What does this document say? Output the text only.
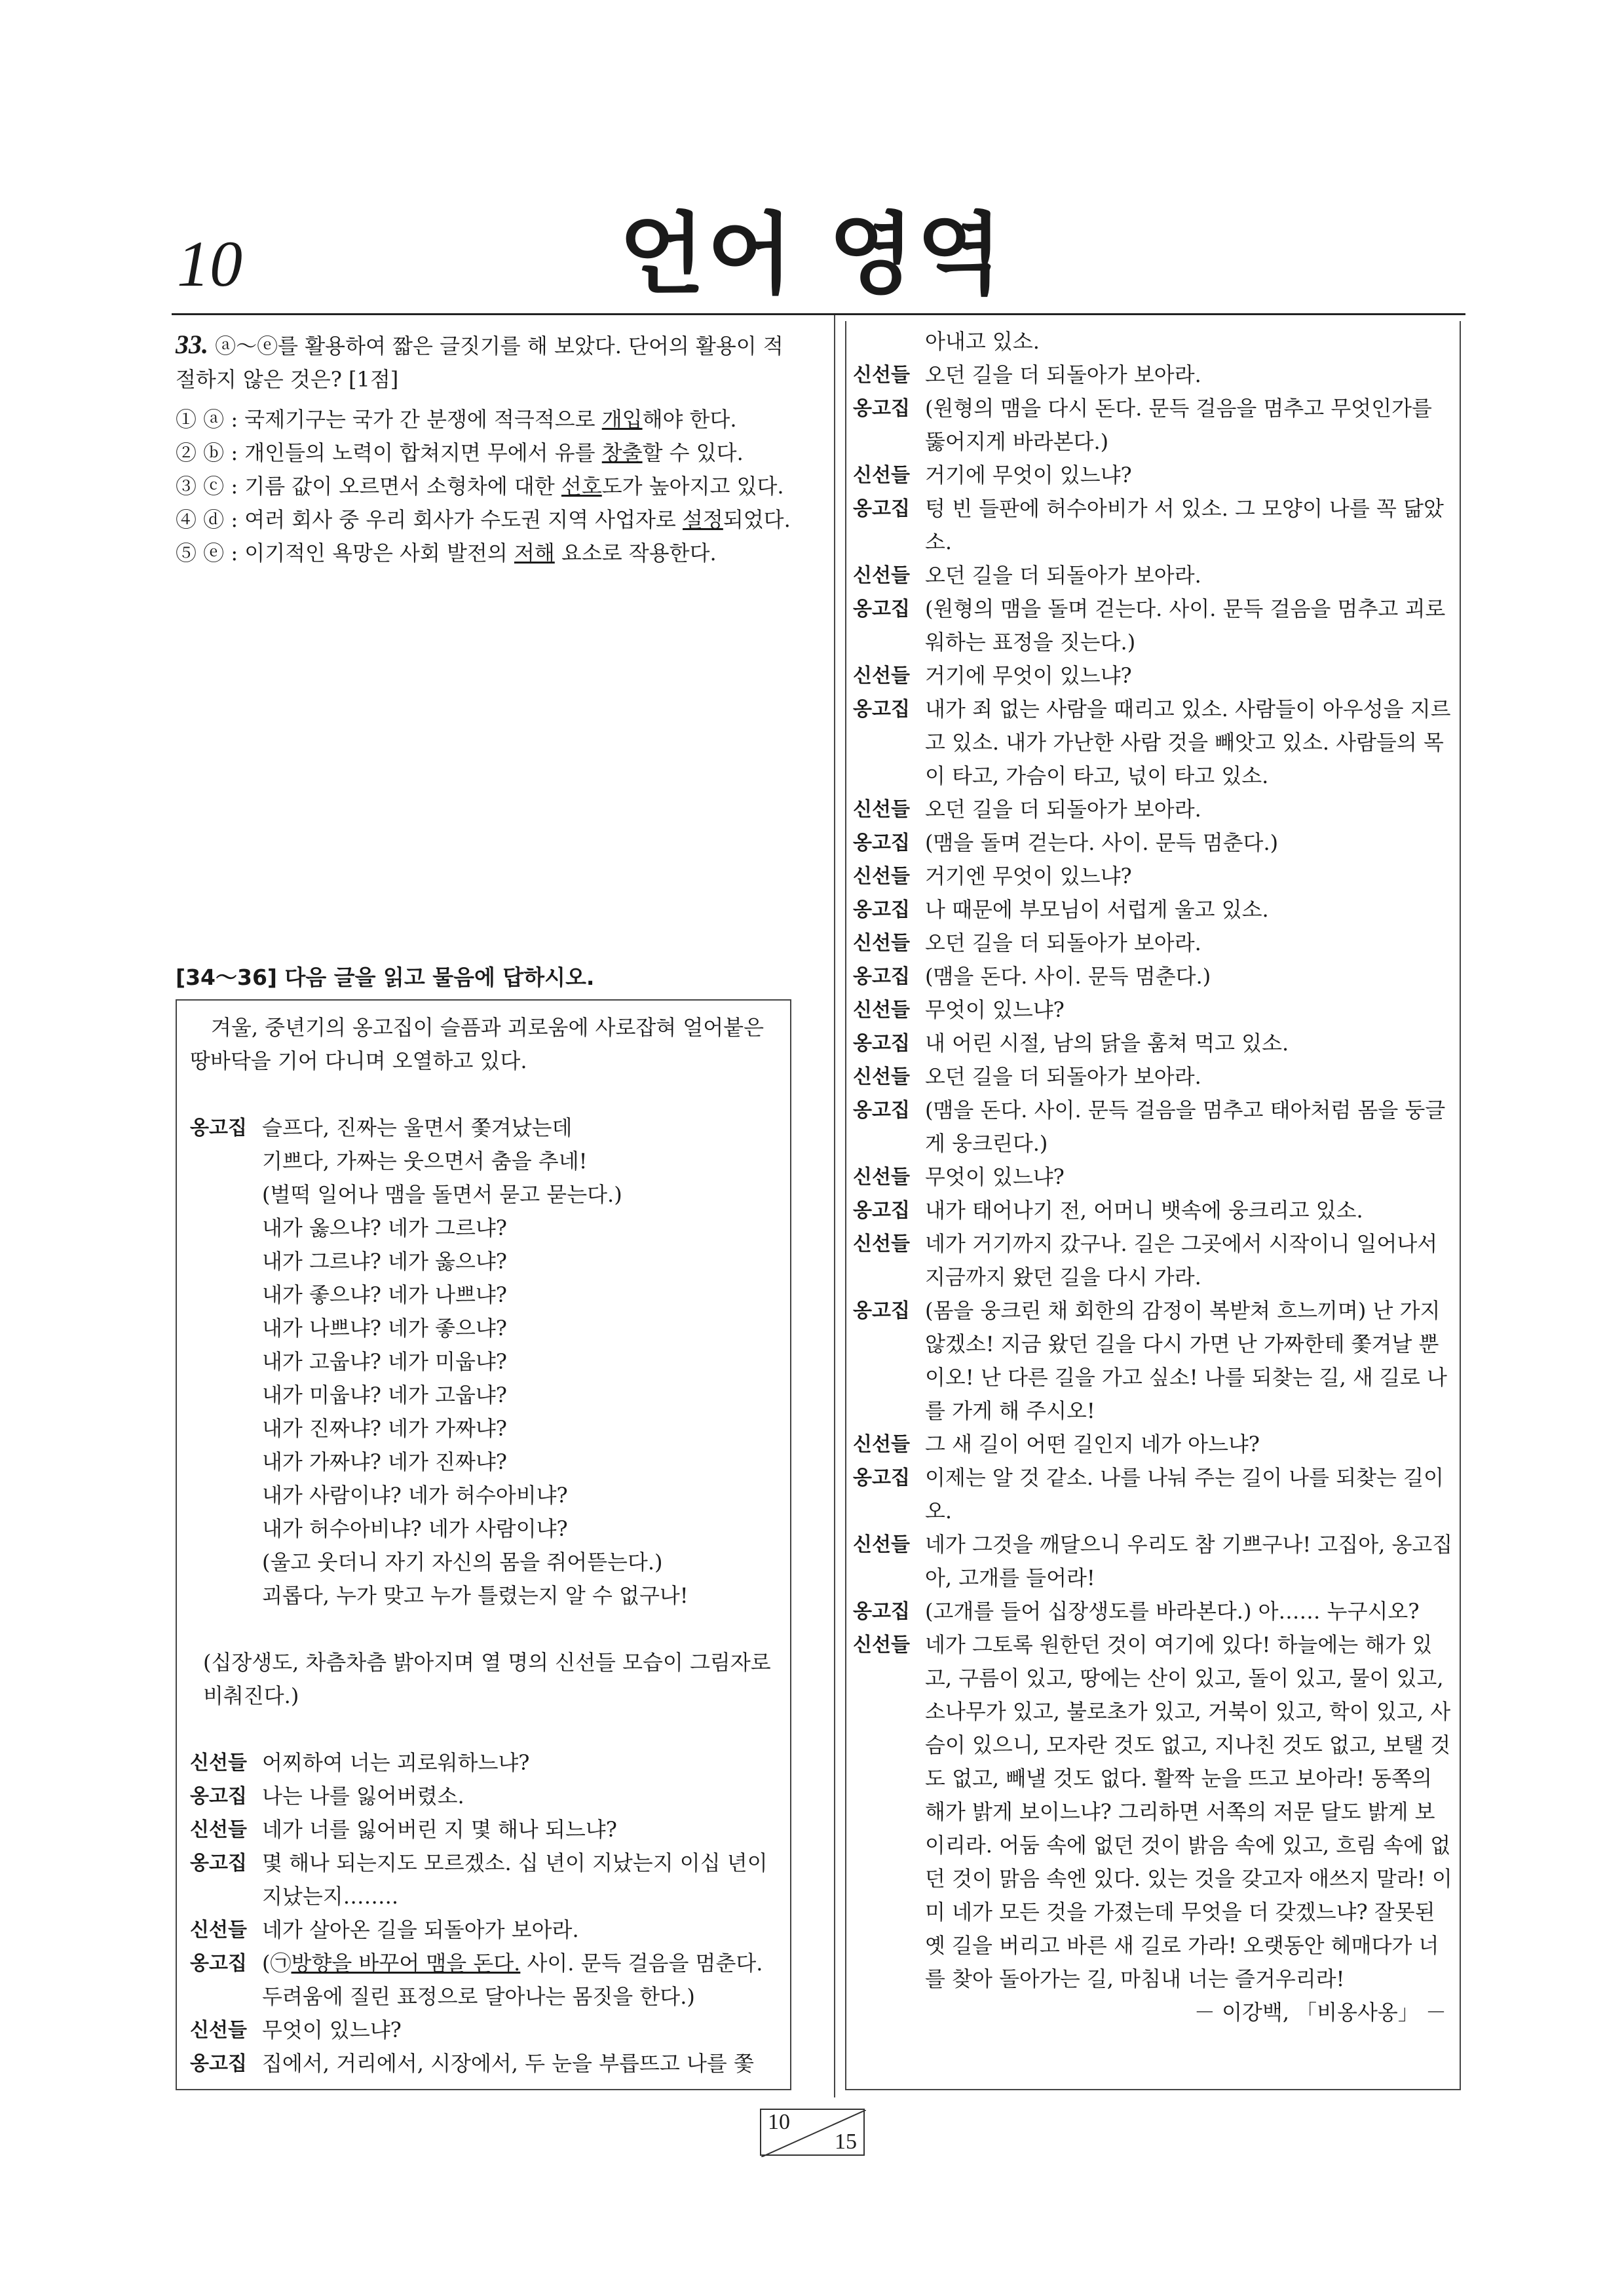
10	언어 영역
33. ⓐ～ⓔ를 활용하여 짧은 글짓기를 해 보았다. 단어의 활용이 적절하지 않은 것은? [1점]
① ⓐ : 국제기구는 국가 간 분쟁에 적극적으로 개입해야 한다.
② ⓑ : 개인들의 노력이 합쳐지면 무에서 유를 창출할 수 있다.
③ ⓒ : 기름 값이 오르면서 소형차에 대한 선호도가 높아지고 있다.
④ ⓓ : 여러 회사 중 우리 회사가 수도권 지역 사업자로 설정되었다.
⑤ ⓔ : 이기적인 욕망은 사회 발전의 저해 요소로 작용한다.
[34～36] 다음 글을 읽고 물음에 답하시오.
겨울, 중년기의 옹고집이 슬픔과 괴로움에 사로잡혀 얼어붙은 땅바닥을 기어 다니며 오열하고 있다.
옹고집 슬프다, 진짜는 울면서 쫓겨났는데
기쁘다, 가짜는 웃으면서 춤을 추네!
(벌떡 일어나 맴을 돌면서 묻고 묻는다.)
내가 옳으냐? 네가 그르냐?
내가 그르냐? 네가 옳으냐?
내가 좋으냐? 네가 나쁘냐?
내가 나쁘냐? 네가 좋으냐?
내가 고웁냐? 네가 미웁냐?
내가 미웁냐? 네가 고웁냐?
내가 진짜냐? 네가 가짜냐?
내가 가짜냐? 네가 진짜냐?
내가 사람이냐? 네가 허수아비냐?
내가 허수아비냐? 네가 사람이냐?
(울고 웃더니 자기 자신의 몸을 쥐어뜯는다.)
괴롭다, 누가 맞고 누가 틀렸는지 알 수 없구나!
(십장생도, 차츰차츰 밝아지며 열 명의 신선들 모습이 그림자로 비춰진다.)
신선들 어찌하여 너는 괴로워하느냐?
옹고집 나는 나를 잃어버렸소.
신선들 네가 너를 잃어버린 지 몇 해나 되느냐?
옹고집 몇 해나 되는지도 모르겠소. 십 년이 지났는지 이십 년이 지났는지……..
신선들 네가 살아온 길을 되돌아가 보아라.
옹고집 (㉠방향을 바꾸어 맴을 돈다. 사이. 문득 걸음을 멈춘다. 두려움에 질린 표정으로 달아나는 몸짓을 한다.)
신선들 무엇이 있느냐?
옹고집 집에서, 거리에서, 시장에서, 두 눈을 부릅뜨고 나를 쫓
아내고 있소.
신선들 오던 길을 더 되돌아가 보아라.
옹고집 (원형의 맴을 다시 돈다. 문득 걸음을 멈추고 무엇인가를 뚫어지게 바라본다.)
신선들 거기에 무엇이 있느냐?
옹고집 텅 빈 들판에 허수아비가 서 있소. 그 모양이 나를 꼭 닮았소.
신선들 오던 길을 더 되돌아가 보아라.
옹고집 (원형의 맴을 돌며 걷는다. 사이. 문득 걸음을 멈추고 괴로워하는 표정을 짓는다.)
신선들 거기에 무엇이 있느냐?
옹고집 내가 죄 없는 사람을 때리고 있소. 사람들이 아우성을 지르고 있소. 내가 가난한 사람 것을 빼앗고 있소. 사람들의 목이 타고, 가슴이 타고, 넋이 타고 있소.
신선들 오던 길을 더 되돌아가 보아라.
옹고집 (맴을 돌며 걷는다. 사이. 문득 멈춘다.)
신선들 거기엔 무엇이 있느냐?
옹고집 나 때문에 부모님이 서럽게 울고 있소.
신선들 오던 길을 더 되돌아가 보아라.
옹고집 (맴을 돈다. 사이. 문득 멈춘다.)
신선들 무엇이 있느냐?
옹고집 내 어린 시절, 남의 닭을 훔쳐 먹고 있소.
신선들 오던 길을 더 되돌아가 보아라.
옹고집 (맴을 돈다. 사이. 문득 걸음을 멈추고 태아처럼 몸을 둥글게 웅크린다.)
신선들 무엇이 있느냐?
옹고집 내가 태어나기 전, 어머니 뱃속에 웅크리고 있소.
신선들 네가 거기까지 갔구나. 길은 그곳에서 시작이니 일어나서 지금까지 왔던 길을 다시 가라.
옹고집 (몸을 웅크린 채 회한의 감정이 복받쳐 흐느끼며) 난 가지 않겠소! 지금 왔던 길을 다시 가면 난 가짜한테 쫓겨날 뿐이오! 난 다른 길을 가고 싶소! 나를 되찾는 길, 새 길로 나를 가게 해 주시오!
신선들 그 새 길이 어떤 길인지 네가 아느냐?
옹고집 이제는 알 것 같소. 나를 나눠 주는 길이 나를 되찾는 길이오.
신선들 네가 그것을 깨달으니 우리도 참 기쁘구나! 고집아, 옹고집아, 고개를 들어라!
옹고집 (고개를 들어 십장생도를 바라본다.) 아…… 누구시오?
신선들 네가 그토록 원한던 것이 여기에 있다! 하늘에는 해가 있고, 구름이 있고, 땅에는 산이 있고, 돌이 있고, 물이 있고, 소나무가 있고, 불로초가 있고, 거북이 있고, 학이 있고, 사슴이 있으니, 모자란 것도 없고, 지나친 것도 없고, 보탤 것도 없고, 빼낼 것도 없다. 활짝 눈을 뜨고 보아라! 동쪽의 해가 밝게 보이느냐? 그리하면 서쪽의 저문 달도 밝게 보이리라. 어둠 속에 없던 것이 밝음 속에 있고, 흐림 속에 없던 것이 맑음 속엔 있다. 있는 것을 갖고자 애쓰지 말라! 이미 네가 모든 것을 가졌는데 무엇을 더 갖겠느냐? 잘못된 옛 길을 버리고 바른 새 길로 가라! 오랫동안 헤매다가 너를 찾아 돌아가는 길, 마침내 너는 즐거우리라!
－ 이강백, 「비옹사옹」 －
10
15
